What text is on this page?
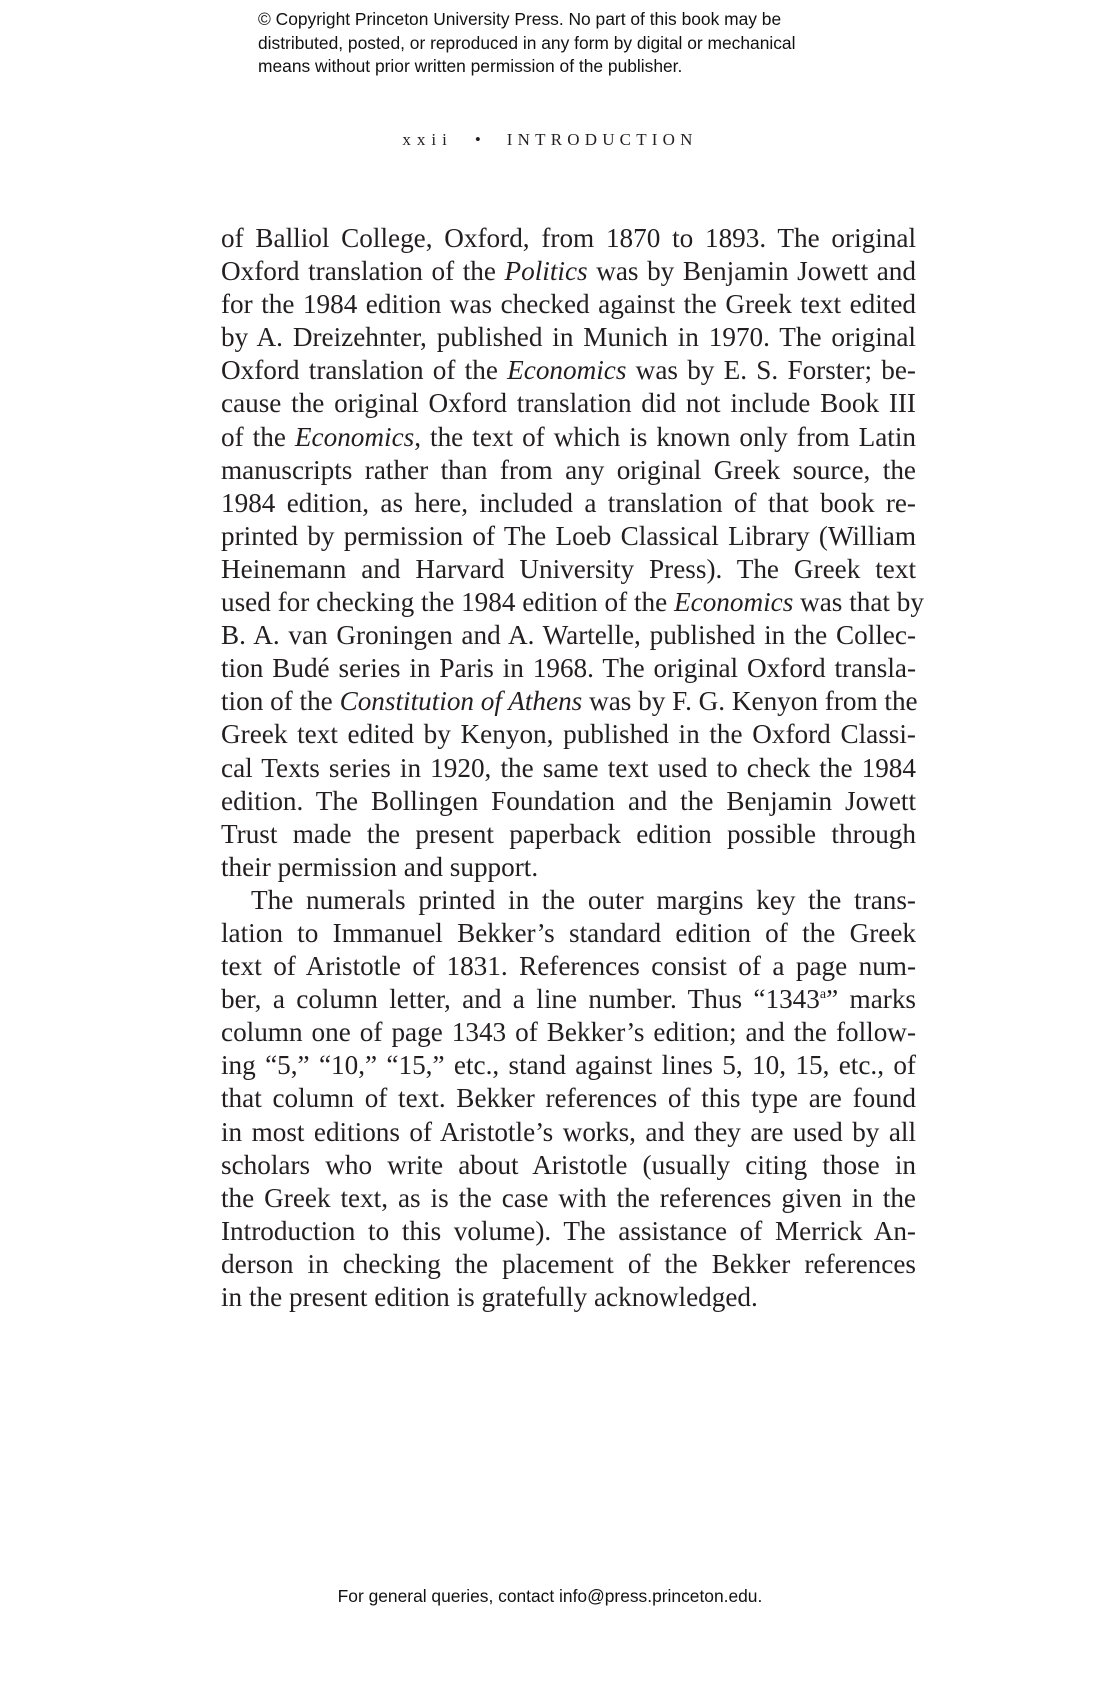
© Copyright Princeton University Press. No part of this book may be
distributed, posted, or reproduced in any form by digital or mechanical
means without prior written permission of the publisher.
xxii • INTRODUCTION
of Balliol College, Oxford, from 1870 to 1893. The original
Oxford translation of the Politics was by Benjamin Jowett and
for the 1984 edition was checked against the Greek text edited
by A. Dreizehnter, published in Munich in 1970. The original
Oxford translation of the Economics was by E. S. Forster; be-
cause the original Oxford translation did not include Book III
of the Economics, the text of which is known only from Latin
manuscripts rather than from any original Greek source, the
1984 edition, as here, included a translation of that book re-
printed by permission of The Loeb Classical Library (William
Heinemann and Harvard University Press). The Greek text
used for checking the 1984 edition of the Economics was that by
B. A. van Groningen and A. Wartelle, published in the Collec-
tion Budé series in Paris in 1968. The original Oxford transla-
tion of the Constitution of Athens was by F. G. Kenyon from the
Greek text edited by Kenyon, published in the Oxford Classi-
cal Texts series in 1920, the same text used to check the 1984
edition. The Bollingen Foundation and the Benjamin Jowett
Trust made the present paperback edition possible through
their permission and support.
The numerals printed in the outer margins key the trans-
lation to Immanuel Bekker’s standard edition of the Greek
text of Aristotle of 1831. References consist of a page num-
ber, a column letter, and a line number. Thus “1343$^a$” marks
column one of page 1343 of Bekker’s edition; and the follow-
ing “5,” “10,” “15,” etc., stand against lines 5, 10, 15, etc., of
that column of text. Bekker references of this type are found
in most editions of Aristotle’s works, and they are used by all
scholars who write about Aristotle (usually citing those in
the Greek text, as is the case with the references given in the
Introduction to this volume). The assistance of Merrick An-
derson in checking the placement of the Bekker references
in the present edition is gratefully acknowledged.
For general queries, contact info@press.princeton.edu.
